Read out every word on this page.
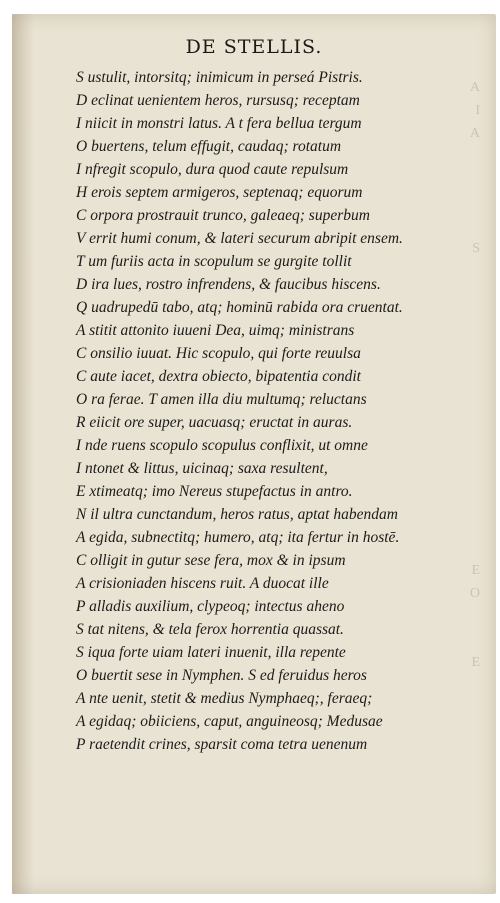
DE STELLIS.
A
I
A
S
E
O
E
S ustulit, intorsitq; inimicum in perseá Pistris.
D eclinat uenientem heros, rursusq; receptam
I niicit in monstri latus. A t fera bellua tergum
O buertens, telum effugit, caudaq; rotatum
I nfregit scopulo, dura quod caute repulsum
H erois septem armigeros, septenaq; equorum
C orpora prostrauit trunco, galeaeq; superbum
V errit humi conum, & lateri securum abripit ensem.
T um furiis acta in scopulum se gurgite tollit
D ira lues, rostro infrendens, & faucibus hiscens.
Q uadrupedū tabo, atq; hominū rabida ora cruentat.
A stitit attonito iuueni Dea, uimq; ministrans
C onsilio iuuat. Hic scopulo, qui forte reuulsa
C aute iacet, dextra obiecto, bipatentia condit
O ra ferae. T amen illa diu multumq; reluctans
R eiicit ore super, uacuasq; eructat in auras.
I nde ruens scopulo scopulus conflixit, ut omne
I ntonet & littus, uicinaq; saxa resultent,
E xtimeatq; imo Nereus stupefactus in antro.
N il ultra cunctandum, heros ratus, aptat habendam
A egida, subnectitq; humero, atq; ita fertur in hostē.
C olligit in gutur sese fera, mox & in ipsum
A crisioniaden hiscens ruit. A duocat ille
P alladis auxilium, clypeoq; intectus aheno
S tat nitens, & tela ferox horrentia quassat.
S iqua forte uiam lateri inuenit, illa repente
O buertit sese in Nymphen. S ed feruidus heros
A nte uenit, stetit & medius Nymphaeq;, feraeq;
A egidaq; obiiciens, caput, anguineosq; Medusae
P raetendit crines, sparsit coma tetra uenenum
